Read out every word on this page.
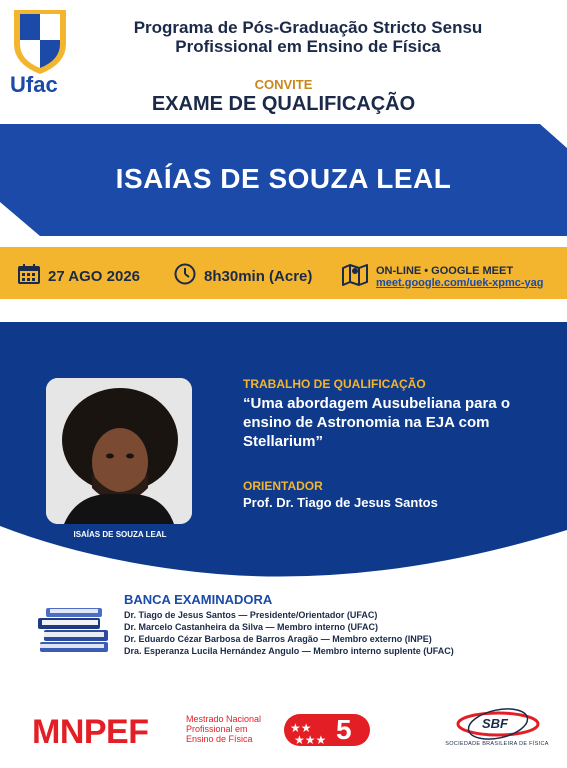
Ufac
Programa de Pós-Graduação Stricto Sensu
Profissional em Ensino de Física
CONVITE
EXAME DE QUALIFICAÇÃO
ISAÍAS DE SOUZA LEAL
27 AGO 2026	8h30min (Acre)	ON-LINE • GOOGLE MEET
meet.google.com/uek-xpmc-yag
ISAÍAS DE SOUZA LEAL
TRABALHO DE QUALIFICAÇÃO
“Uma abordagem Ausubeliana para o
ensino de Astronomia na EJA com
Stellarium”
ORIENTADOR
Prof. Dr. Tiago de Jesus Santos
BANCA EXAMINADORA
Dr. Tiago de Jesus Santos — Presidente/Orientador (UFAC)
Dr. Marcelo Castanheira da Silva — Membro interno (UFAC)
Dr. Eduardo Cézar Barbosa de Barros Aragão — Membro externo (INPE)
Dra. Esperanza Lucila Hernández Angulo — Membro interno suplente (UFAC)
MNPEF	Mestrado Nacional
Profissional em
Ensino de Física
★★
★★★ 5	SBF
SOCIEDADE BRASILEIRA DE FÍSICA
